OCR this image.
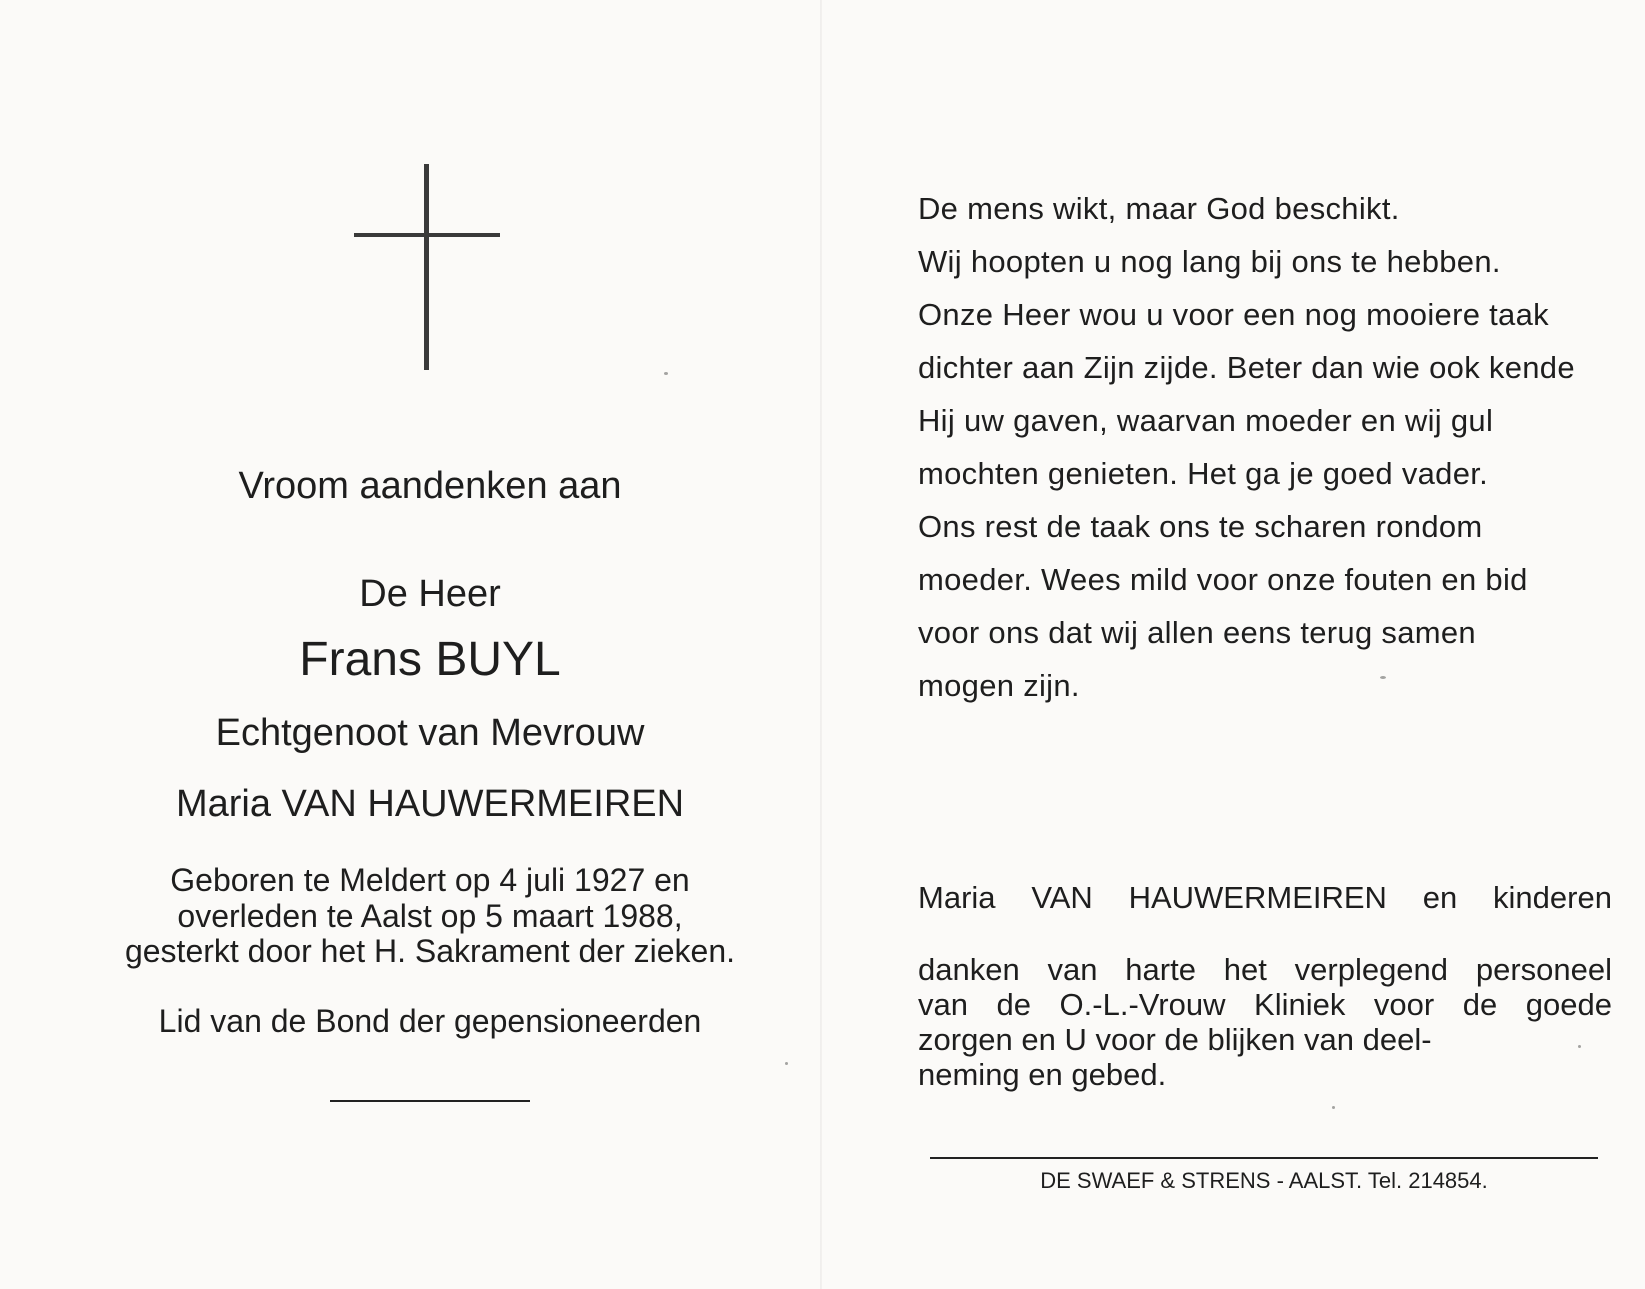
Vroom aandenken aan
De Heer
Frans BUYL
Echtgenoot van Mevrouw
Maria VAN HAUWERMEIREN
Geboren te Meldert op 4 juli 1927 en
overleden te Aalst op 5 maart 1988,
gesterkt door het H. Sakrament der zieken.
Lid van de Bond der gepensioneerden
De mens wikt, maar God beschikt.
Wij hoopten u nog lang bij ons te hebben.
Onze Heer wou u voor een nog mooiere taak
dichter aan Zijn zijde. Beter dan wie ook kende
Hij uw gaven, waarvan moeder en wij gul
mochten genieten. Het ga je goed vader.
Ons rest de taak ons te scharen rondom
moeder. Wees mild voor onze fouten en bid
voor ons dat wij allen eens terug samen
mogen zijn.
Maria VAN HAUWERMEIREN en kinderen
danken van harte het verplegend personeel
van de O.-L.-Vrouw Kliniek voor de goede
zorgen en U voor de blijken van deel-
neming en gebed.
DE SWAEF & STRENS - AALST. Tel. 214854.
